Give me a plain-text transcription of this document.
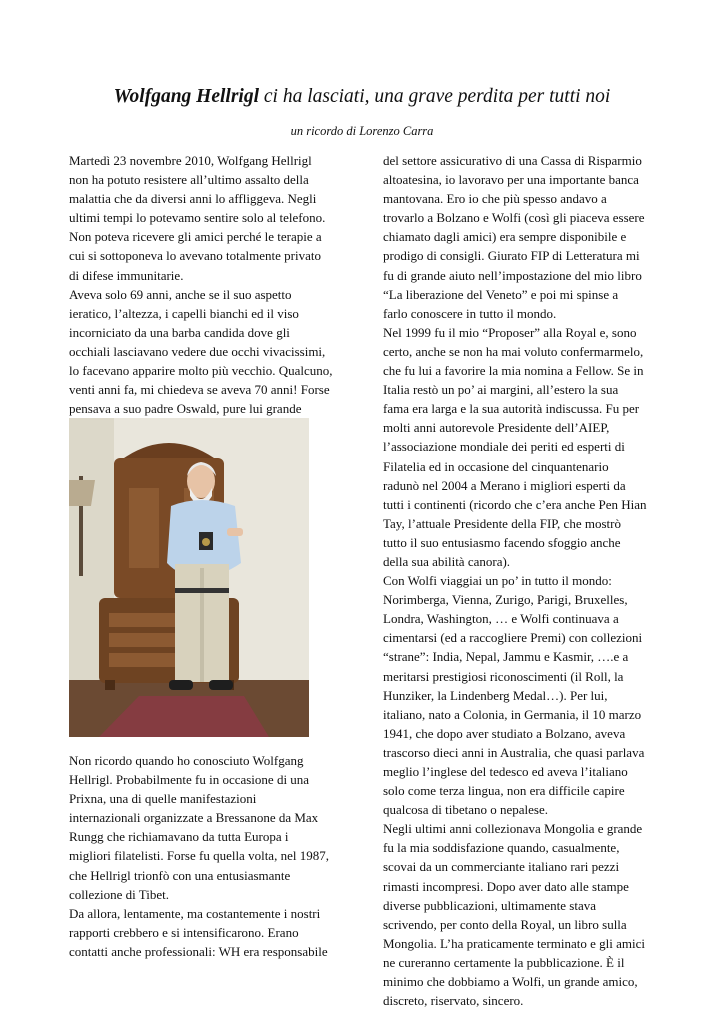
Wolfgang Hellrigl ci ha lasciati, una grave perdita per tutti noi
un ricordo di Lorenzo Carra

Martedì 23 novembre 2010, Wolfgang Hellrigl
non ha potuto resistere all’ultimo assalto della
malattia che da diversi anni lo affliggeva. Negli
ultimi tempi lo potevamo sentire solo al telefono.
Non poteva ricevere gli amici perché le terapie a
cui si sottoponeva lo avevano totalmente privato
di difese immunitarie.

Aveva solo 69 anni, anche se il suo aspetto
ieratico, l’altezza, i capelli bianchi ed il viso
incorniciato da una barba candida dove gli
occhiali lasciavano vedere due occhi vivacissimi,
lo facevano apparire molto più vecchio. Qualcuno,
venti anni fa, mi chiedeva se aveva 70 anni! Forse
pensava a suo padre Oswald, pure lui grande

Non ricordo quando ho conosciuto Wolfgang
Hellrigl. Probabilmente fu in occasione di una
Prixna, una di quelle manifestazioni
internazionali organizzate a Bressanone da Max
Rungg che richiamavano da tutta Europa i
migliori filatelisti. Forse fu quella volta, nel 1987,
che Hellrigl trionfò con una entusiasmante
collezione di Tibet.

Da allora, lentamente, ma costantemente i nostri
rapporti crebbero e si intensificarono. Erano
contatti anche professionali: WH era responsabile

del settore assicurativo di una Cassa di Risparmio
altoatesina, io lavoravo per una importante banca
mantovana. Ero io che più spesso andavo a
trovarlo a Bolzano e Wolfi (così gli piaceva essere
chiamato dagli amici) era sempre disponibile e
prodigo di consigli. Giurato FIP di Letteratura mi
fu di grande aiuto nell’impostazione del mio libro
“La liberazione del Veneto” e poi mi spinse a
farlo conoscere in tutto il mondo.

Nel 1999 fu il mio “Proposer” alla Royal e, sono
certo, anche se non ha mai voluto confermarmelo,
che fu lui a favorire la mia nomina a Fellow. Se in
Italia restò un po’ ai margini, all’estero la sua
fama era larga e la sua autorità indiscussa. Fu per
molti anni autorevole Presidente dell’AIEP,
l’associazione mondiale dei periti ed esperti di
Filatelia ed in occasione del cinquantenario
radunò nel 2004 a Merano i migliori esperti da
tutti i continenti (ricordo che c’era anche Pen Hian
Tay, l’attuale Presidente della FIP, che mostrò
tutto il suo entusiasmo facendo sfoggio anche
della sua abilità canora).

Con Wolfi viaggiai un po’ in tutto il mondo:
Norimberga, Vienna, Zurigo, Parigi, Bruxelles,
Londra, Washington, … e Wolfi continuava a
cimentarsi (ed a raccogliere Premi) con collezioni
“strane”: India, Nepal, Jammu e Kasmir, ….e a
meritarsi prestigiosi riconoscimenti (il Roll, la
Hunziker, la Lindenberg Medal…). Per lui,
italiano, nato a Colonia, in Germania, il 10 marzo
1941, che dopo aver studiato a Bolzano, aveva
trascorso dieci anni in Australia, che quasi parlava
meglio l’inglese del tedesco ed aveva l’italiano
solo come terza lingua, non era difficile capire
qualcosa di tibetano o nepalese.

Negli ultimi anni collezionava Mongolia e grande
fu la mia soddisfazione quando, casualmente,
scovai da un commerciante italiano rari pezzi
rimasti incompresi. Dopo aver dato alle stampe
diverse pubblicazioni, ultimamente stava
scrivendo, per conto della Royal, un libro sulla
Mongolia. L’ha praticamente terminato e gli amici
ne cureranno certamente la pubblicazione. È il
minimo che dobbiamo a Wolfi, un grande amico,
discreto, riservato, sincero.
